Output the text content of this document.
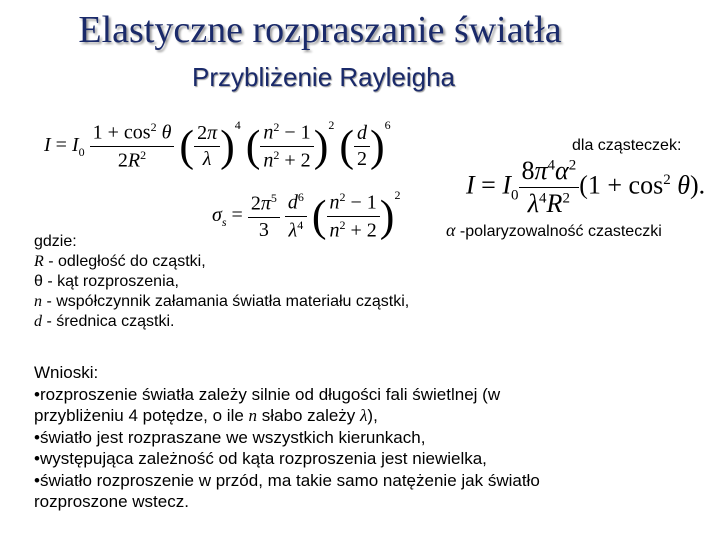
Elastyczne rozpraszanie światła
Przybliżenie Rayleigha
$I = I_0 \frac{1 + \cos^2 \theta}{2R^2}$ ( $\frac{2\pi}{\lambda} )^4$ ( $\frac{n^2 - 1}{n^2 + 2} )^2$ ( $\frac{d}{2} )^6$
$\sigma_s = \frac{2\pi^5}{3}$
$\frac{d^6}{\lambda^4}$ ( $\frac{n^2 - 1}{n^2 + 2} )^2$
dla cząsteczek:
$I = I_0 \frac{8\pi^4\alpha^2}{\lambda^4R^2} (1 + \cos^2 \theta)$.
α -polaryzowalność czasteczki
gdzie:
R - odległość do cząstki,
θ - kąt rozproszenia,
n - współczynnik załamania światła materiału cząstki,
d - średnica cząstki.
Wnioski:
•rozproszenie światła zależy silnie od długości fali świetlnej (w
przybliżeniu 4 potędze, o ile n słabo zależy λ),
•światło jest rozpraszane we wszystkich kierunkach,
•występująca zależność od kąta rozproszenia jest niewielka,
•światło rozproszenie w przód, ma takie samo natężenie jak światło
rozproszone wstecz.
